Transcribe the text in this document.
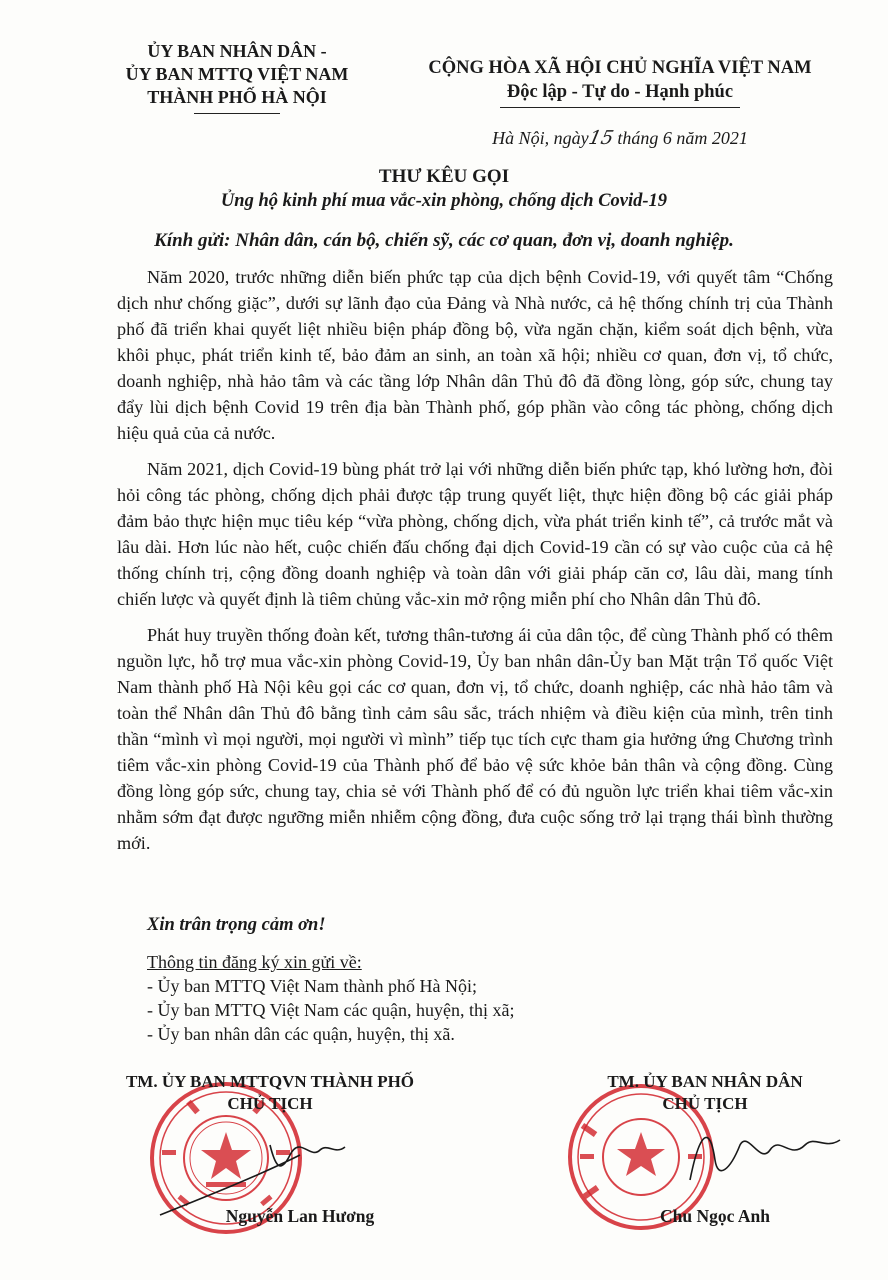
ỦY BAN NHÂN DÂN -
ỦY BAN MTTQ VIỆT NAM
THÀNH PHỐ HÀ NỘI
CỘNG HÒA XÃ HỘI CHỦ NGHĨA VIỆT NAM
Độc lập - Tự do - Hạnh phúc
Hà Nội, ngày15 tháng 6 năm 2021
THƯ KÊU GỌI
Ủng hộ kinh phí mua vắc-xin phòng, chống dịch Covid-19
Kính gửi: Nhân dân, cán bộ, chiến sỹ, các cơ quan, đơn vị, doanh nghiệp.

Năm 2020, trước những diễn biến phức tạp của dịch bệnh Covid-19, với quyết tâm “Chống dịch như chống giặc”, dưới sự lãnh đạo của Đảng và Nhà nước, cả hệ thống chính trị của Thành phố đã triển khai quyết liệt nhiều biện pháp đồng bộ, vừa ngăn chặn, kiểm soát dịch bệnh, vừa khôi phục, phát triển kinh tế, bảo đảm an sinh, an toàn xã hội; nhiều cơ quan, đơn vị, tổ chức, doanh nghiệp, nhà hảo tâm và các tầng lớp Nhân dân Thủ đô đã đồng lòng, góp sức, chung tay đẩy lùi dịch bệnh Covid 19 trên địa bàn Thành phố, góp phần vào công tác phòng, chống dịch hiệu quả của cả nước.

Năm 2021, dịch Covid-19 bùng phát trở lại với những diễn biến phức tạp, khó lường hơn, đòi hỏi công tác phòng, chống dịch phải được tập trung quyết liệt, thực hiện đồng bộ các giải pháp đảm bảo thực hiện mục tiêu kép “vừa phòng, chống dịch, vừa phát triển kinh tế”, cả trước mắt và lâu dài. Hơn lúc nào hết, cuộc chiến đấu chống đại dịch Covid-19 cần có sự vào cuộc của cả hệ thống chính trị, cộng đồng doanh nghiệp và toàn dân với giải pháp căn cơ, lâu dài, mang tính chiến lược và quyết định là tiêm chủng vắc-xin mở rộng miễn phí cho Nhân dân Thủ đô.

Phát huy truyền thống đoàn kết, tương thân-tương ái của dân tộc, để cùng Thành phố có thêm nguồn lực, hỗ trợ mua vắc-xin phòng Covid-19, Ủy ban nhân dân-Ủy ban Mặt trận Tổ quốc Việt Nam thành phố Hà Nội kêu gọi các cơ quan, đơn vị, tổ chức, doanh nghiệp, các nhà hảo tâm và toàn thể Nhân dân Thủ đô bằng tình cảm sâu sắc, trách nhiệm và điều kiện của mình, trên tinh thần “mình vì mọi người, mọi người vì mình” tiếp tục tích cực tham gia hưởng ứng Chương trình tiêm vắc-xin phòng Covid-19 của Thành phố để bảo vệ sức khỏe bản thân và cộng đồng. Cùng đồng lòng góp sức, chung tay, chia sẻ với Thành phố để có đủ nguồn lực triển khai tiêm vắc-xin nhằm sớm đạt được ngưỡng miễn nhiễm cộng đồng, đưa cuộc sống trở lại trạng thái bình thường mới.

Xin trân trọng cảm ơn!
Thông tin đăng ký xin gửi về:
- Ủy ban MTTQ Việt Nam thành phố Hà Nội;
- Ủy ban MTTQ Việt Nam các quận, huyện, thị xã;
- Ủy ban nhân dân các quận, huyện, thị xã.
TM. ỦY BAN MTTQVN THÀNH PHỐ
CHỦ TỊCH
TM. ỦY BAN NHÂN DÂN
CHỦ TỊCH
Nguyễn Lan Hương	Chu Ngọc Anh
